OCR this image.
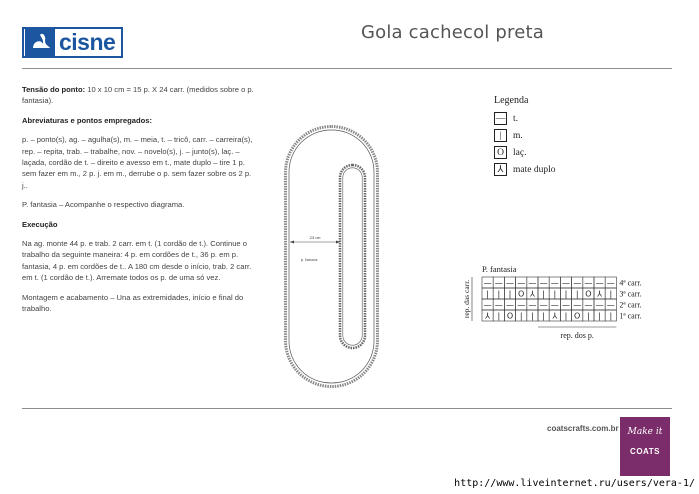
cisne	Gola cachecol preta

Tensão do ponto: 10 x 10 cm = 15 p. X 24 carr. (medidos sobre o p. fantasia).

Abreviaturas e pontos empregados:

p. – ponto(s), ag. – agulha(s), m. – meia, t. – tricô, carr. – carreira(s), rep. – repita, trab. – trabalhe, nov. – novelo(s), j. – junto(s), laç. – laçada, cordão de t. – direito e avesso em t., mate duplo – tire 1 p. sem fazer em m., 2 p. j. em m., derrube o p. sem fazer sobre os 2 p. j..

P. fantasia – Acompanhe o respectivo diagrama.

Execução

Na ag. monte 44 p. e trab. 2 carr. em t. (1 cordão de t.). Continue o trabalho da seguinte maneira: 4 p. em cordões de t., 36 p. em p. fantasia, 4 p. em cordões de t.. A 180 cm desde o início, trab. 2 carr. em t. (1 cordão de t.). Arremate todos os p. de uma só vez.

Montagem e acabamento – Una as extremidades, início e final do trabalho.

24 cm
p. fantasia
Legenda
— t.
|	m.
O laç.
⅄	mate duplo
P. fantasia
— — — — — — — — — — — — 4ª carr.
| | | O ⅄ | | | | O ⅄ | 3ª carr.
— — — — — — — — — — — — 2ª carr.
⅄ | O | | | ⅄ | O | | | 1ª carr.
rep. das carr.
rep. dos p.
coatscrafts.com.br	Make it
COATS
http://www.liveinternet.ru/users/vera-1/
